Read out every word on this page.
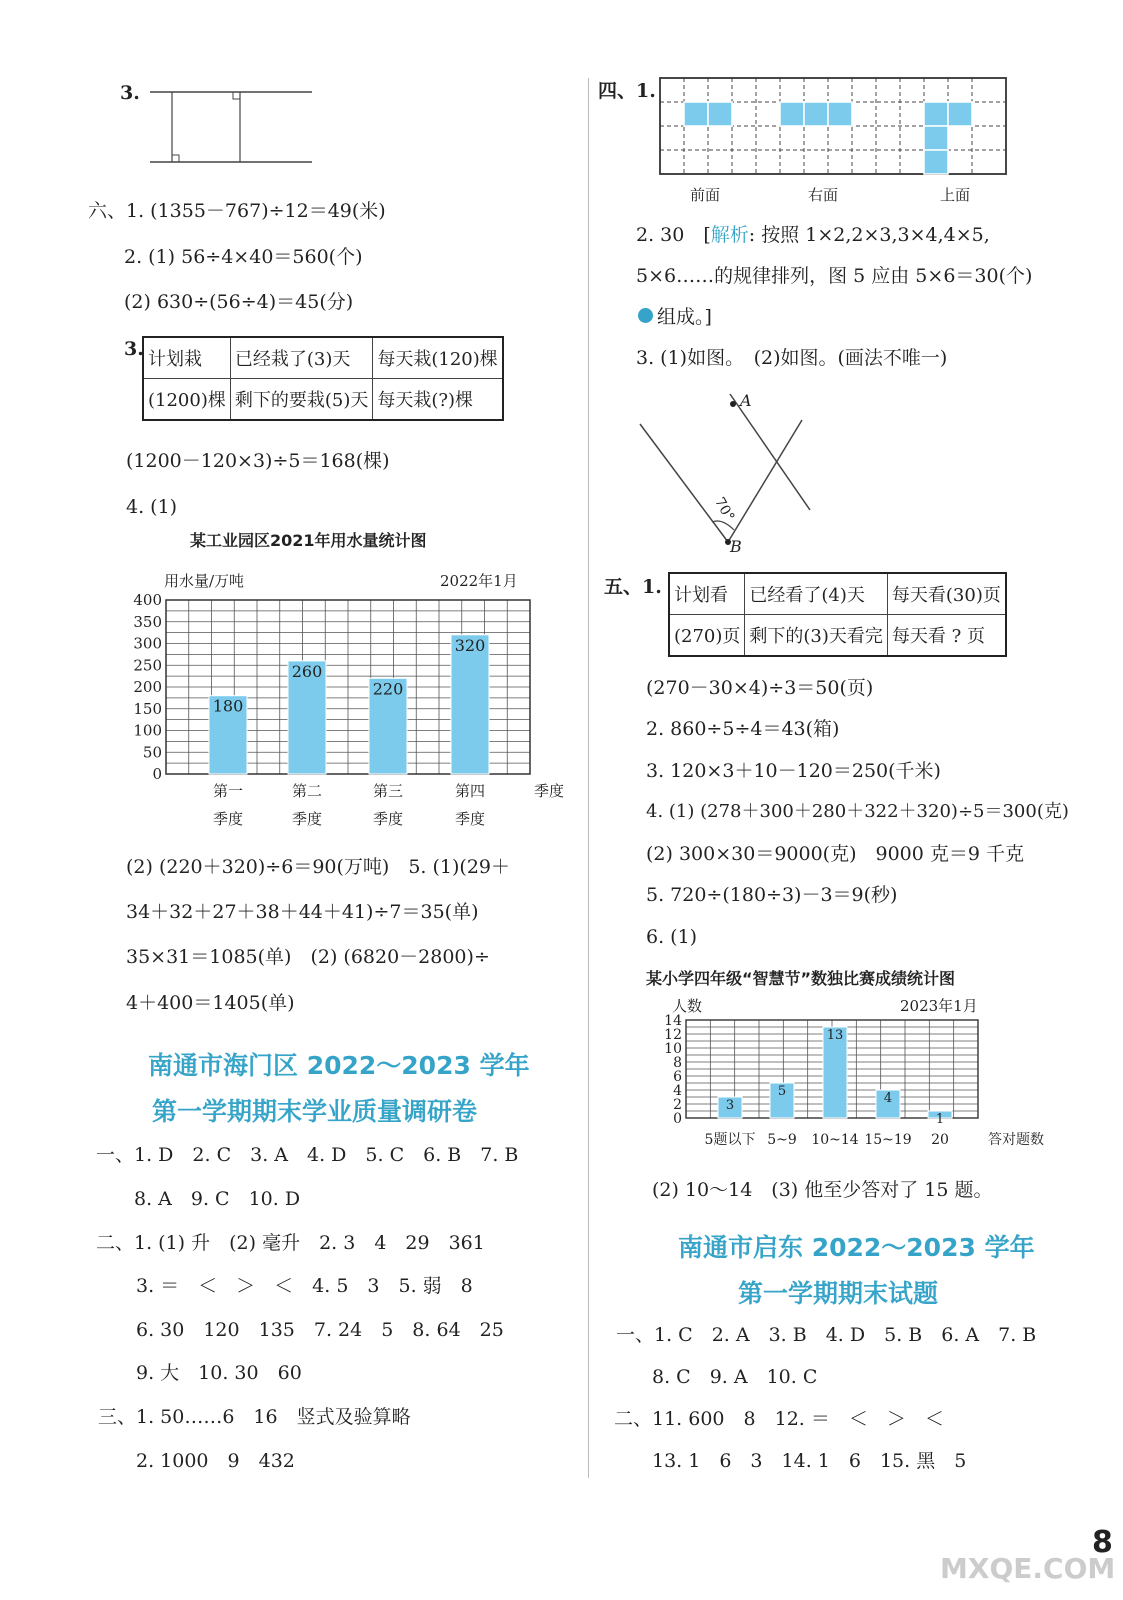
3.
六、1. (1355－767)÷12＝49(米)
2. (1) 56÷4×40＝560(个)
(2) 630÷(56÷4)＝45(分)
3. 计划栽	已经栽了(3)天	每天栽(120)棵
(1200)棵	剩下的要栽(5)天	每天栽(?)棵
(1200－120×3)÷5＝168(棵)
4. (1)
某工业园区2021年用水量统计图
用水量/万吨	2022年1月
0
50
100
150
200
250
300
350
400
180
第一
季度
260
第二
季度
220
第三
季度
320
第四
季度
季度
(2) (220＋320)÷6＝90(万吨)　5. (1)(29＋
34＋32＋27＋38＋44＋41)÷7＝35(单)
35×31＝1085(单)　(2) (6820－2800)÷
4＋400＝1405(单)
南通市海门区 2022～2023 学年
第一学期期末学业质量调研卷
一、1. D　2. C　3. A　4. D　5. C　6. B　7. B
8. A　9. C　10. D
二、1. (1) 升　(2) 毫升　2. 3　4　29　361
3. ＝　＜　＞　＜　4. 5　3　5. 弱　8
6. 30　120　135　7. 24　5　8. 64　25
9. 大　10. 30　60
三、1. 50……6　16　竖式及验算略
2. 1000　9　432
四、1.
前面	右面	上面
2. 30　[解析: 按照 1×2,2×3,3×4,4×5,
5×6……的规律排列，图 5 应由 5×6＝30(个)
组成。]
3. (1)如图。　(2)如图。(画法不唯一)
A
B
70°
五、1. 计划看	已经看了(4)天	每天看(30)页
(270)页	剩下的(3)天看完	每天看 ? 页
(270－30×4)÷3＝50(页)
2. 860÷5÷4＝43(箱)
3. 120×3＋10－120＝250(千米)
4. (1) (278＋300＋280＋322＋320)÷5＝300(克)
(2) 300×30＝9000(克)　9000 克＝9 千克
5. 720÷(180÷3)－3＝9(秒)
6. (1)
某小学四年级“智慧节”数独比赛成绩统计图
人数	2023年1月
0
2
4
6
8
10
12
14
3
5题以下
5
5~9
13
10~14
4
15~19
1
20	答对题数
(2) 10～14　(3) 他至少答对了 15 题。
南通市启东 2022～2023 学年
第一学期期末试题
一、1. C　2. A　3. B　4. D　5. B　6. A　7. B
8. C　9. A　10. C
二、11. 600　8　12. ＝　＜　＞　＜
13. 1　6　3　14. 1　6　15. 黑　5
MXQE.COM
8
